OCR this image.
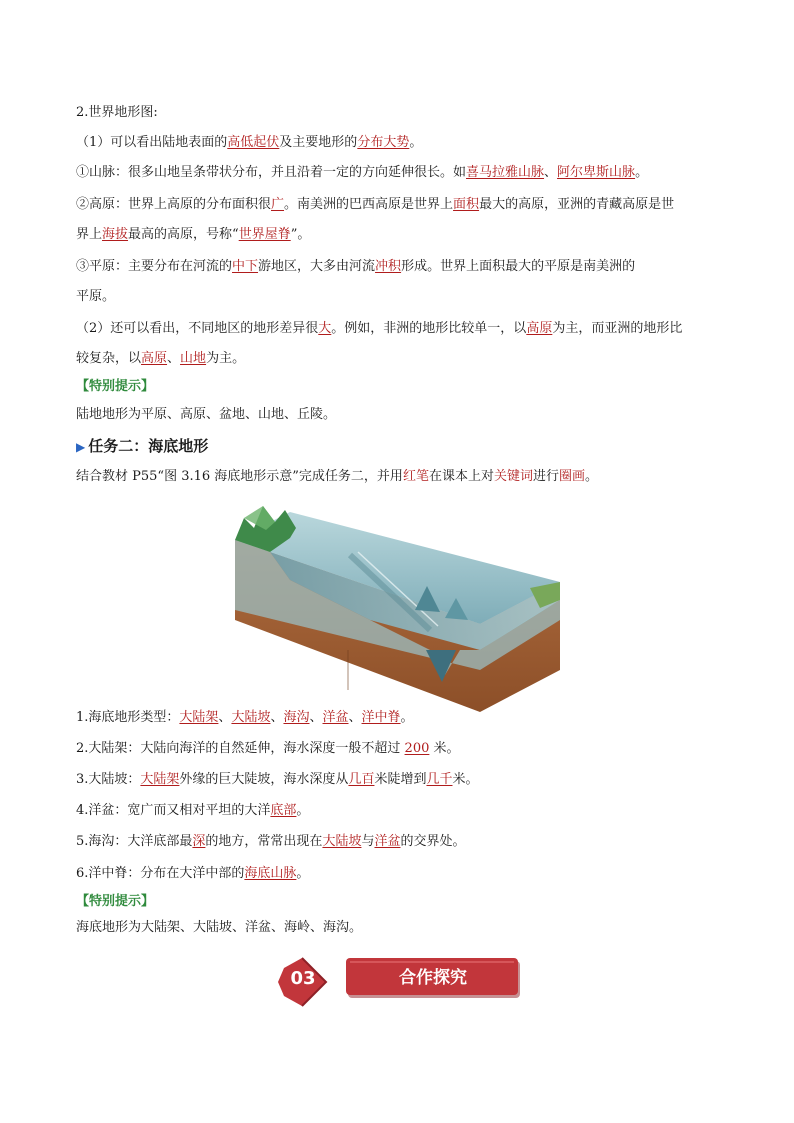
2.世界地形图:
（1）可以看出陆地表面的高低起伏及主要地形的分布大势。
①山脉：很多山地呈条带状分布，并且沿着一定的方向延伸很长。如喜马拉雅山脉、阿尔卑斯山脉。
②高原：世界上高原的分布面积很广。南美洲的巴西高原是世界上面积最大的高原，亚洲的青藏高原是世
界上海拔最高的高原，号称“世界屋脊”。
③平原：主要分布在河流的中下游地区，大多由河流冲积形成。世界上面积最大的平原是南美洲的
平原。
（2）还可以看出，不同地区的地形差异很大。例如，非洲的地形比较单一，以高原为主，而亚洲的地形比
较复杂，以高原、山地为主。
【特别提示】
陆地地形为平原、高原、盆地、山地、丘陵。
▶ 任务二：海底地形
结合教材 P55“图 3.16 海底地形示意”完成任务二，并用红笔在课本上对关键词进行圈画。
1.海底地形类型：大陆架、大陆坡、海沟、洋盆、洋中脊。
2.大陆架：大陆向海洋的自然延伸，海水深度一般不超过 200 米。
3.大陆坡：大陆架外缘的巨大陡坡，海水深度从几百米陡增到几千米。
4.洋盆：宽广而又相对平坦的大洋底部。
5.海沟：大洋底部最深的地方，常常出现在大陆坡与洋盆的交界处。
6.洋中脊：分布在大洋中部的海底山脉。
【特别提示】
海底地形为大陆架、大陆坡、洋盆、海岭、海沟。
03	合作探究
